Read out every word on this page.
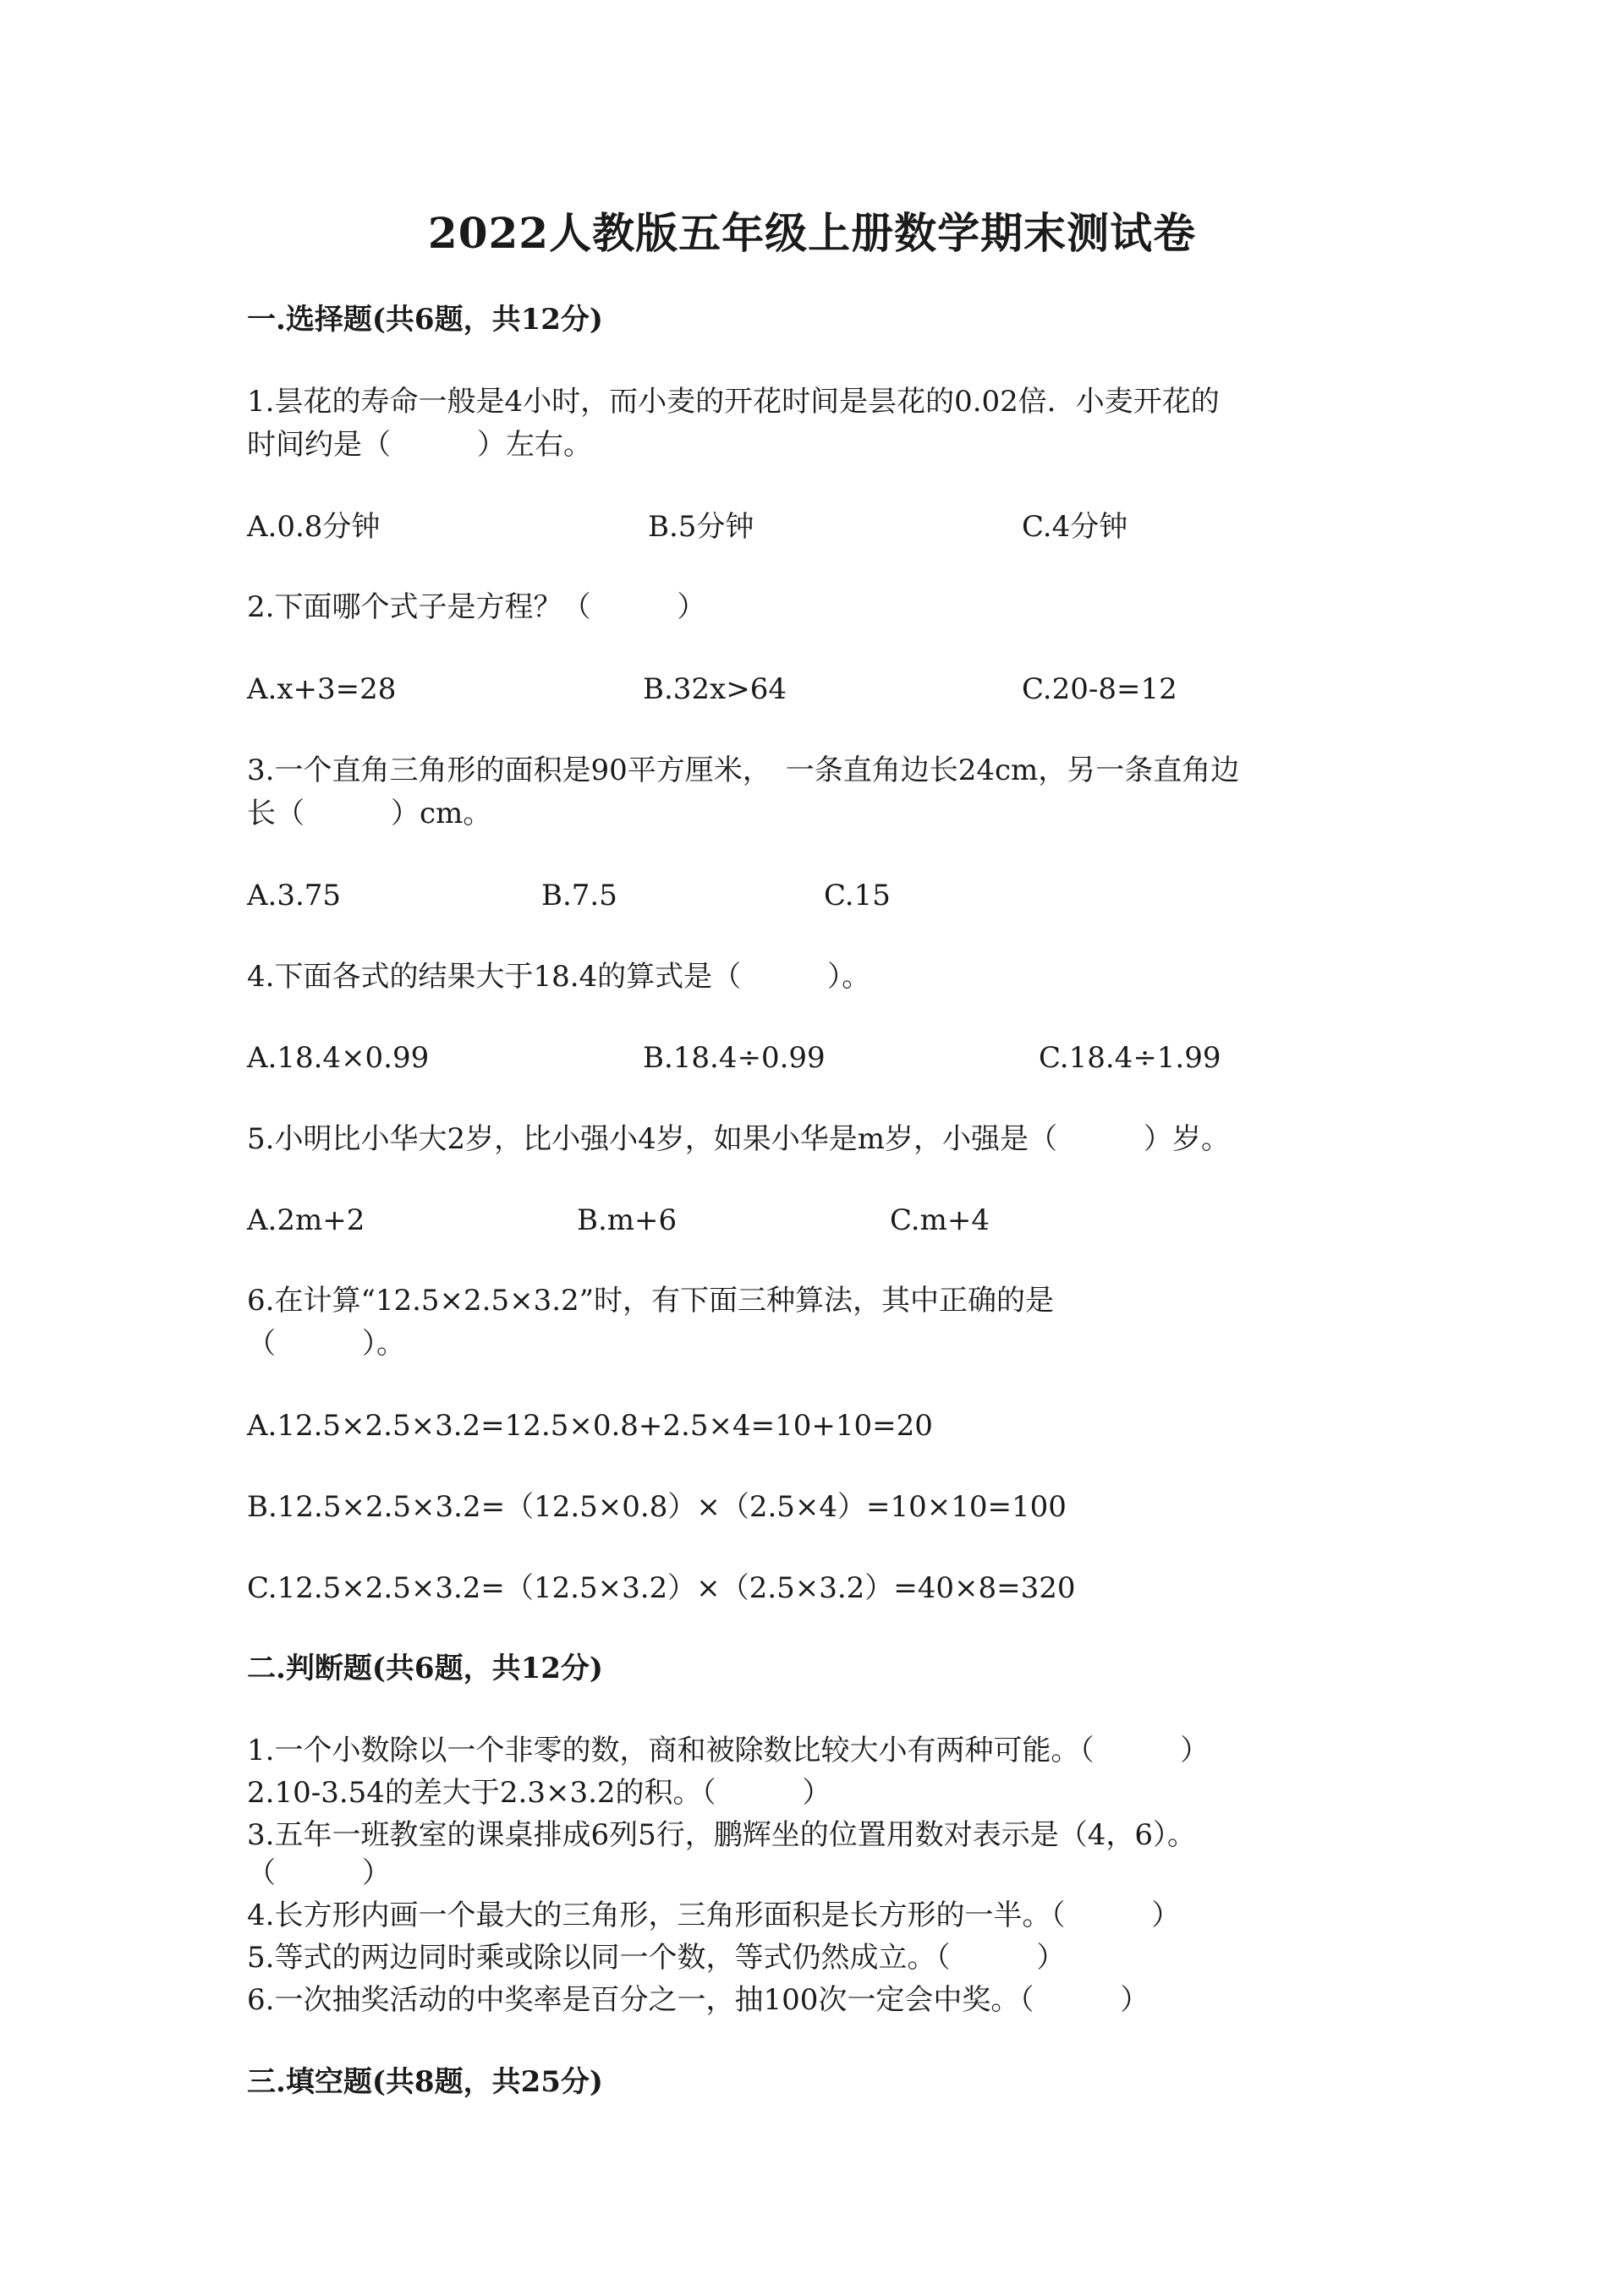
2022人教版五年级上册数学期末测试卷
一.选择题(共6题，共12分)
1.昙花的寿命一般是4小时，而小麦的开花时间是昙花的0.02倍．小麦开花的
时间约是（　　　）左右。
A.0.8分钟	B.5分钟	C.4分钟
2.下面哪个式子是方程？（　　　）
A.x+3=28	B.32x>64	C.20-8=12
3.一个直角三角形的面积是90平方厘米，　一条直角边长24cm，另一条直角边
长（　　　）cm。
A.3.75	B.7.5	C.15
4.下面各式的结果大于18.4的算式是（　　　）。
A.18.4×0.99	B.18.4÷0.99	C.18.4÷1.99
5.小明比小华大2岁，比小强小4岁，如果小华是m岁，小强是（　　　）岁。
A.2m+2	B.m+6	C.m+4
6.在计算“12.5×2.5×3.2”时，有下面三种算法，其中正确的是
（　　　）。
A.12.5×2.5×3.2=12.5×0.8+2.5×4=10+10=20
B.12.5×2.5×3.2=（12.5×0.8）×（2.5×4）=10×10=100
C.12.5×2.5×3.2=（12.5×3.2）×（2.5×3.2）=40×8=320
二.判断题(共6题，共12分)
1.一个小数除以一个非零的数，商和被除数比较大小有两种可能。（　　　）
2.10-3.54的差大于2.3×3.2的积。（　　　）
3.五年一班教室的课桌排成6列5行，鹏辉坐的位置用数对表示是（4，6）。
（　　　）
4.长方形内画一个最大的三角形，三角形面积是长方形的一半。（　　　）
5.等式的两边同时乘或除以同一个数，等式仍然成立。（　　　）
6.一次抽奖活动的中奖率是百分之一，抽100次一定会中奖。（　　　）
三.填空题(共8题，共25分)
